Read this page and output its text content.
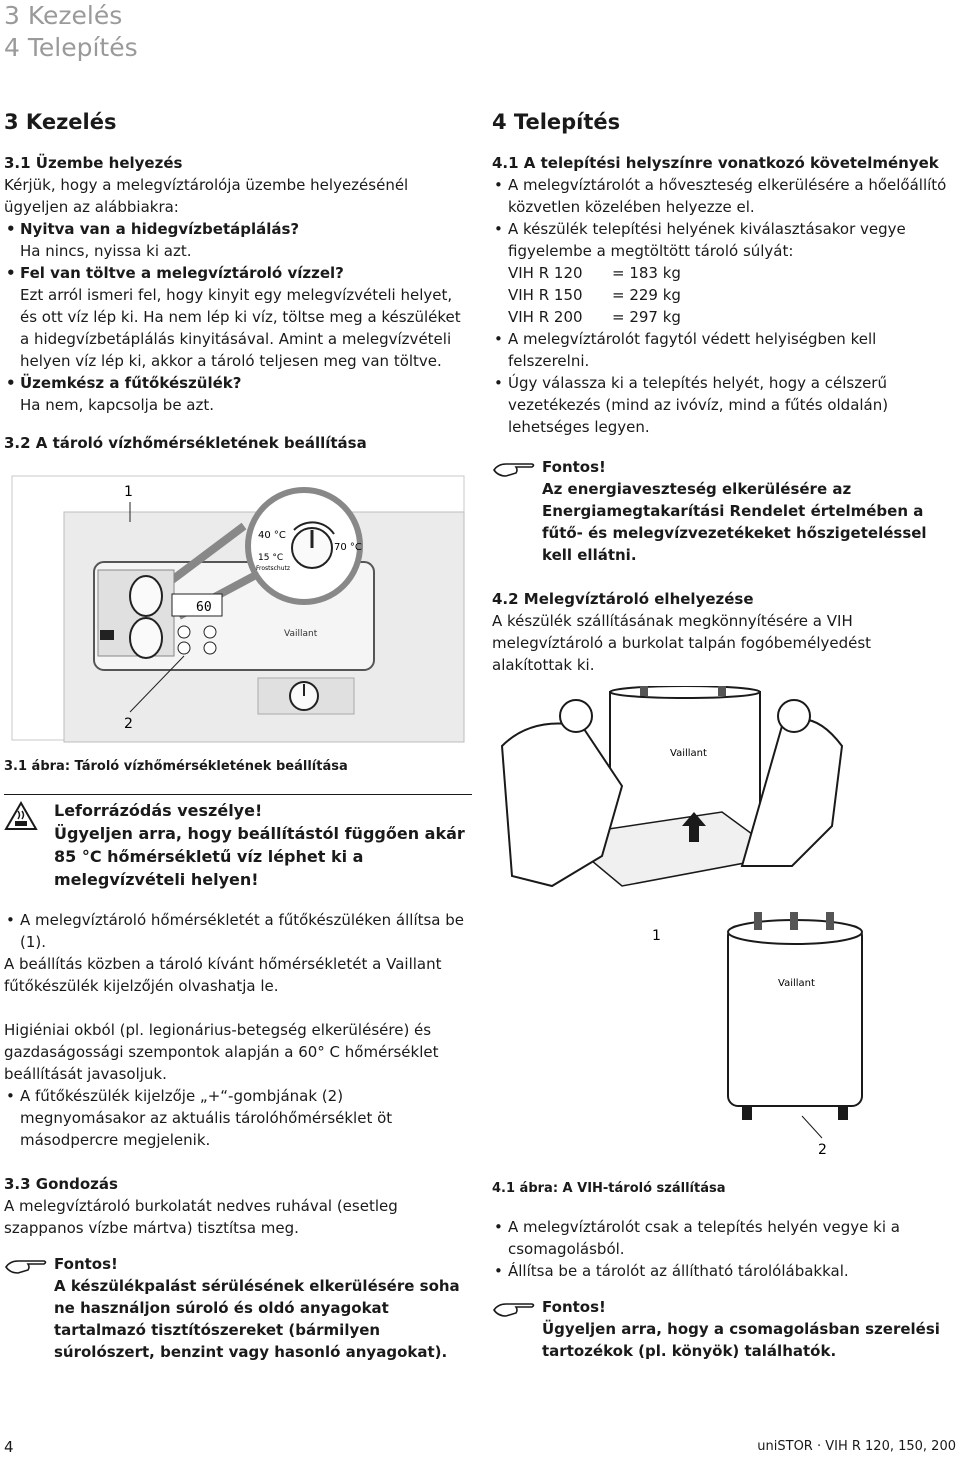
3 Kezelés
4 Telepítés
3 Kezelés
3.1 Üzembe helyezés

Kérjük, hogy a melegvíztárolója üzembe helyezésénél ügyeljen az alábbiakra:

• Nyitva van a hidegvízbetáplálás?

Ha nincs, nyissa ki azt.

• Fel van töltve a melegvíztároló vízzel?

Ezt arról ismeri fel, hogy kinyit egy melegvízvételi helyet, és ott víz lép ki. Ha nem lép ki víz, töltse meg a készüléket a hidegvízbetáplálás kinyitásával. Amint a melegvízvételi helyen víz lép ki, akkor a tároló teljesen meg van töltve.

• Üzemkész a fűtőkészülék?

Ha nem, kapcsolja be azt.

3.2 A tároló vízhőmérsékletének beállítása
40 °C
70 °C
15 °C
Frostschutz
60
Vaillant
1
2
3.1 ábra: Tároló vízhőmérsékletének beállítása
Leforrázódás veszélye!
Ügyeljen arra, hogy beállítástól függően akár 85 °C hőmérsékletű víz léphet ki a melegvízvételi helyen!
• A melegvíztároló hőmérsékletét a fűtőkészüléken állítsa be (1).

A beállítás közben a tároló kívánt hőmérsékletét a Vaillant fűtőkészülék kijelzőjén olvashatja le.

Higiéniai okból (pl. legionárius-betegség elkerülésére) és gazdaságossági szempontok alapján a 60° C hőmérséklet beállítását javasoljuk.

• A fűtőkészülék kijelzője „+“-gombjának (2) megnyomásakor az aktuális tárolóhőmérséklet öt másodpercre megjelenik.
3.3 Gondozás

A melegvíztároló burkolatát nedves ruhával (esetleg szappanos vízbe mártva) tisztítsa meg.

Fontos!
A készülékpalást sérülésének elkerülésére soha ne használjon súroló és oldó anyagokat tartalmazó tisztítószereket (bármilyen súrolószert, benzint vagy hasonló anyagokat).
4 Telepítés
4.1 A telepítési helyszínre vonatkozó követelmények
• A melegvíztárolót a hőveszteség elkerülésére a hőelőállító közvetlen közelében helyezze el.
• A készülék telepítési helyének kiválasztásakor vegye figyelembe a megtöltött tároló súlyát:
VIH R 120	= 183 kg
VIH R 150	= 229 kg
VIH R 200	= 297 kg
• A melegvíztárolót fagytól védett helyiségben kell felszerelni.
• Úgy válassza ki a telepítés helyét, hogy a célszerű vezetékezés (mind az ivóvíz, mind a fűtés oldalán) lehetséges legyen.
Fontos!
Az energiaveszteség elkerülésére az Energiamegtakarítási Rendelet értelmében a fűtő- és melegvízvezetékeket hőszigeteléssel kell ellátni.
4.2 Melegvíztároló elhelyezése

A készülék szállításának megkönnyítésére a VIH melegvíztároló a burkolat talpán fogóbemélyedést alakítottak ki.

Vaillant
1
Vaillant
2
4.1 ábra: A VIH-tároló szállítása
• A melegvíztárolót csak a telepítés helyén vegye ki a csomagolásból.
• Állítsa be a tárolót az állítható tárolólábakkal.
Fontos!
Ügyeljen arra, hogy a csomagolásban szerelési tartozékok (pl. könyök) találhatók.
4	uniSTOR · VIH R 120, 150, 200
